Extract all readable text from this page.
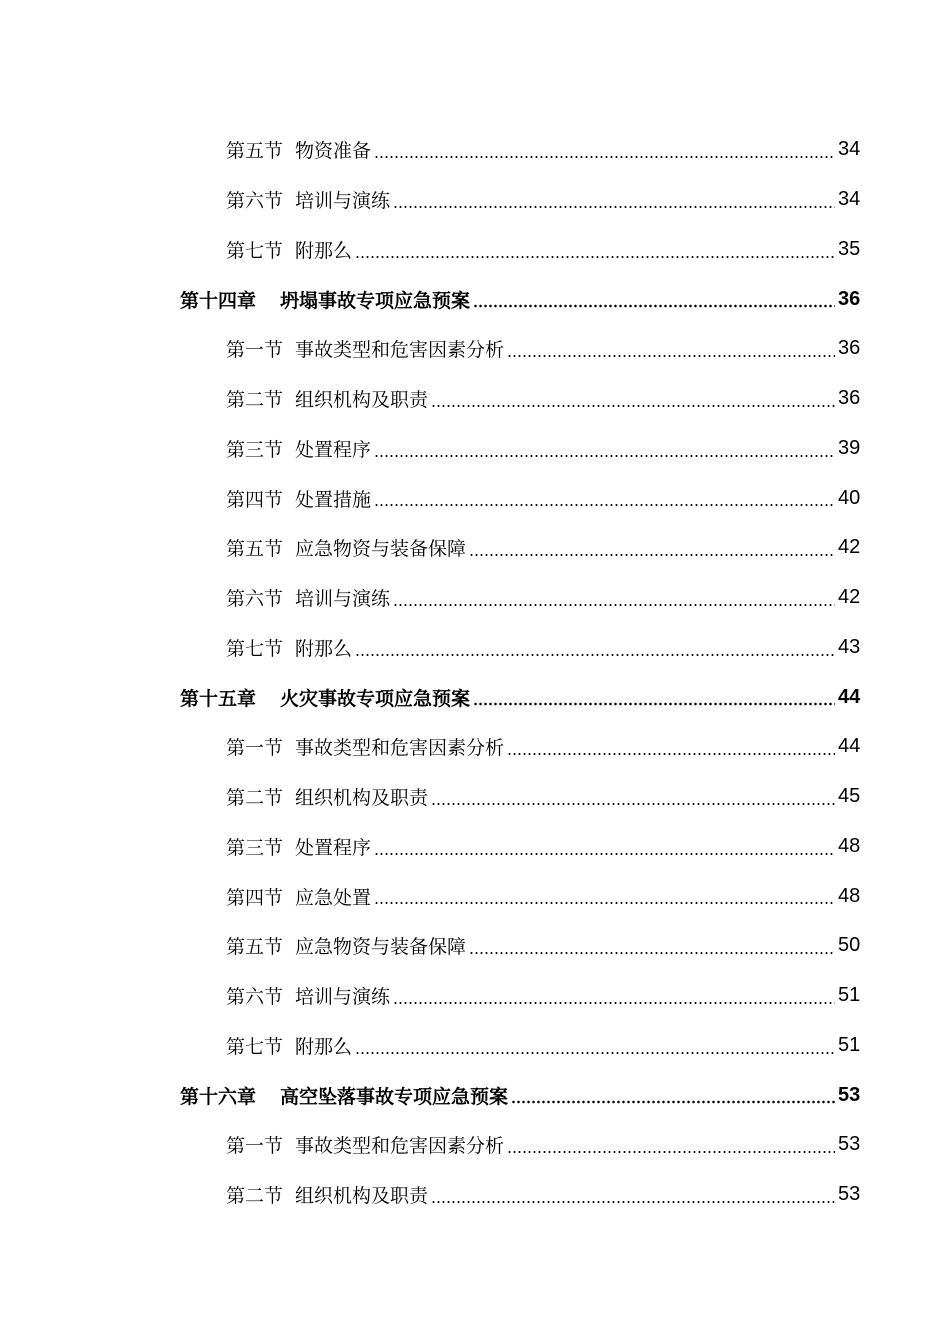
第五节 物资准备	34
第六节 培训与演练	34
第七节 附那么	35
第十四章 坍塌事故专项应急预案	36
第一节 事故类型和危害因素分析	36
第二节 组织机构及职责	36
第三节 处置程序	39
第四节 处置措施	40
第五节 应急物资与装备保障	42
第六节 培训与演练	42
第七节 附那么	43
第十五章 火灾事故专项应急预案	44
第一节 事故类型和危害因素分析	44
第二节 组织机构及职责	45
第三节 处置程序	48
第四节 应急处置	48
第五节 应急物资与装备保障	50
第六节 培训与演练	51
第七节 附那么	51
第十六章 高空坠落事故专项应急预案	53
第一节 事故类型和危害因素分析	53
第二节 组织机构及职责	53
